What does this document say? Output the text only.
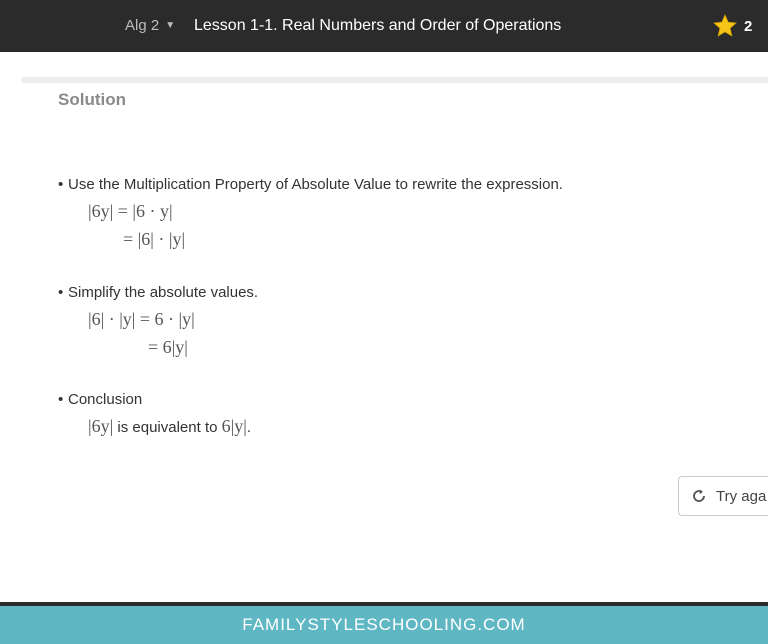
Alg 2 ▼ Lesson 1-1. Real Numbers and Order of Operations	2
Solution
• Use the Multiplication Property of Absolute Value to rewrite the expression.
|6y| = |6 · y|
= |6| · |y|
• Simplify the absolute values.
|6| · |y| = 6 · |y|
= 6|y|
• Conclusion
|6y| is equivalent to 6|y| .
Try aga
FAMILYSTYLESCHOOLING.COM
